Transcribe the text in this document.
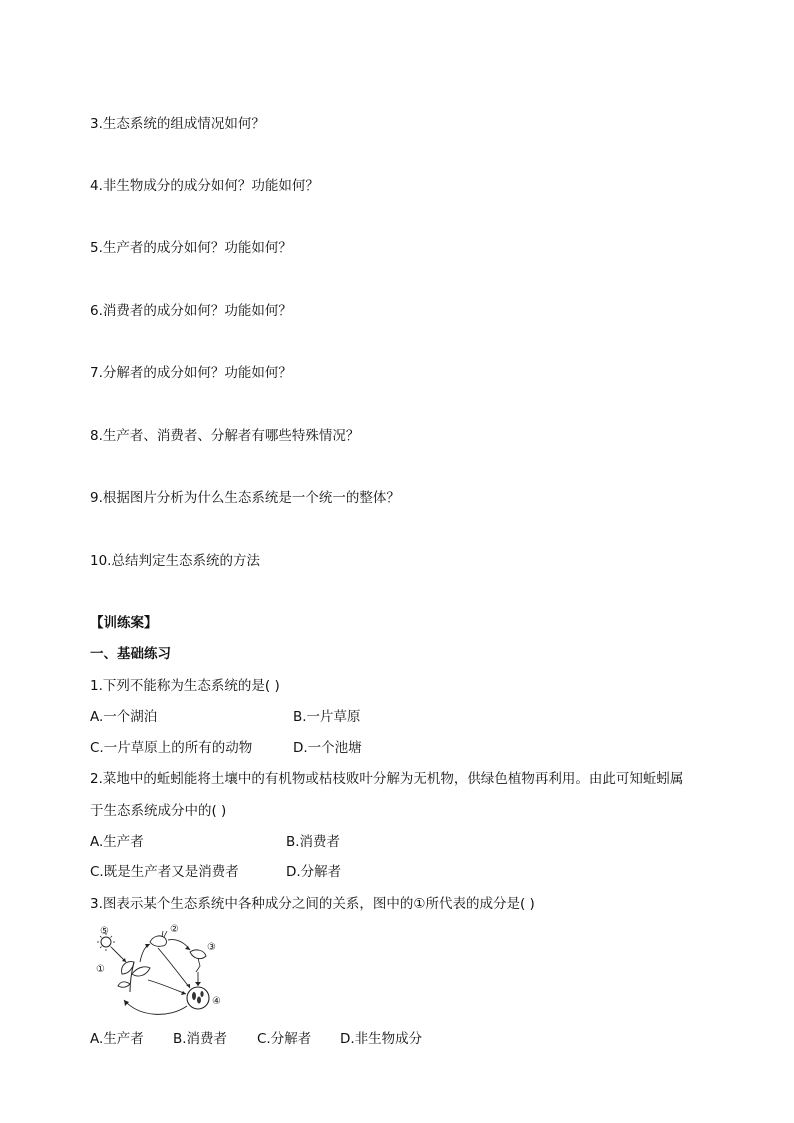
3.生态系统的组成情况如何？
4.非生物成分的成分如何？功能如何？
5.生产者的成分如何？功能如何？
6.消费者的成分如何？功能如何？
7.分解者的成分如何？功能如何？
8.生产者、消费者、分解者有哪些特殊情况？
9.根据图片分析为什么生态系统是一个统一的整体？
10.总结判定生态系统的方法
【训练案】
一、基础练习
1.下列不能称为生态系统的是( )
A.一个湖泊	B.一片草原
C.一片草原上的所有的动物	D.一个池塘
2.菜地中的蚯蚓能将土壤中的有机物或枯枝败叶分解为无机物，供绿色植物再利用。由此可知蚯蚓属
于生态系统成分中的( )
A.生产者	B.消费者
C.既是生产者又是消费者	D.分解者
3.图表示某个生态系统中各种成分之间的关系，图中的①所代表的成分是( )
⑤	②
③
①
④
A.生产者 B.消费者 C.分解者 D.非生物成分
